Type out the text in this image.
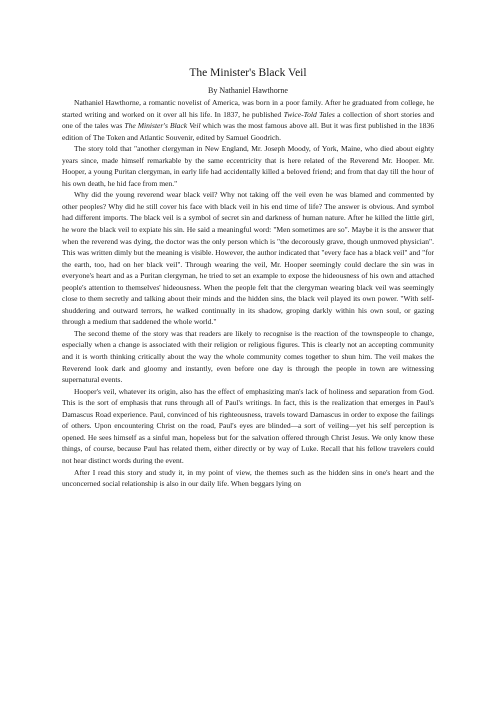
The Minister's Black Veil
By Nathaniel Hawthorne

Nathaniel Hawthorne, a romantic novelist of America, was born in a poor family. After he graduated from college, he started writing and worked on it over all his life. In 1837, he published Twice-Told Tales a collection of short stories and one of the tales was The Minister's Black Veil which was the most famous above all. But it was first published in the 1836 edition of The Token and Atlantic Souvenir, edited by Samuel Goodrich.

The story told that "another clergyman in New England, Mr. Joseph Moody, of York, Maine, who died about eighty years since, made himself remarkable by the same eccentricity that is here related of the Reverend Mr. Hooper. Mr. Hooper, a young Puritan clergyman, in early life had accidentally killed a beloved friend; and from that day till the hour of his own death, he hid face from men."

Why did the young reverend wear black veil? Why not taking off the veil even he was blamed and commented by other peoples? Why did he still cover his face with black veil in his end time of life? The answer is obvious. And symbol had different imports. The black veil is a symbol of secret sin and darkness of human nature. After he killed the little girl, he wore the black veil to expiate his sin. He said a meaningful word: "Men sometimes are so". Maybe it is the answer that when the reverend was dying, the doctor was the only person which is "the decorously grave, though unmoved physician". This was written dimly but the meaning is visible. However, the author indicated that "every face has a black veil" and "for the earth, too, had on her black veil". Through wearing the veil, Mr. Hooper seemingly could declare the sin was in everyone's heart and as a Puritan clergyman, he tried to set an example to expose the hideousness of his own and attached people's attention to themselves' hideousness. When the people felt that the clergyman wearing black veil was seemingly close to them secretly and talking about their minds and the hidden sins, the black veil played its own power. "With self-shuddering and outward terrors, he walked continually in its shadow, groping darkly within his own soul, or gazing through a medium that saddened the whole world."

The second theme of the story was that readers are likely to recognise is the reaction of the townspeople to change, especially when a change is associated with their religion or religious figures. This is clearly not an accepting community and it is worth thinking critically about the way the whole community comes together to shun him. The veil makes the Reverend look dark and gloomy and instantly, even before one day is through the people in town are witnessing supernatural events.

Hooper's veil, whatever its origin, also has the effect of emphasizing man's lack of holiness and separation from God. This is the sort of emphasis that runs through all of Paul's writings. In fact, this is the realization that emerges in Paul's Damascus Road experience. Paul, convinced of his righteousness, travels toward Damascus in order to expose the failings of others. Upon encountering Christ on the road, Paul's eyes are blinded—a sort of veiling—yet his self perception is opened. He sees himself as a sinful man, hopeless but for the salvation offered through Christ Jesus. We only know these things, of course, because Paul has related them, either directly or by way of Luke. Recall that his fellow travelers could not hear distinct words during the event.

After I read this story and study it, in my point of view, the themes such as the hidden sins in one's heart and the unconcerned social relationship is also in our daily life. When beggars lying on
